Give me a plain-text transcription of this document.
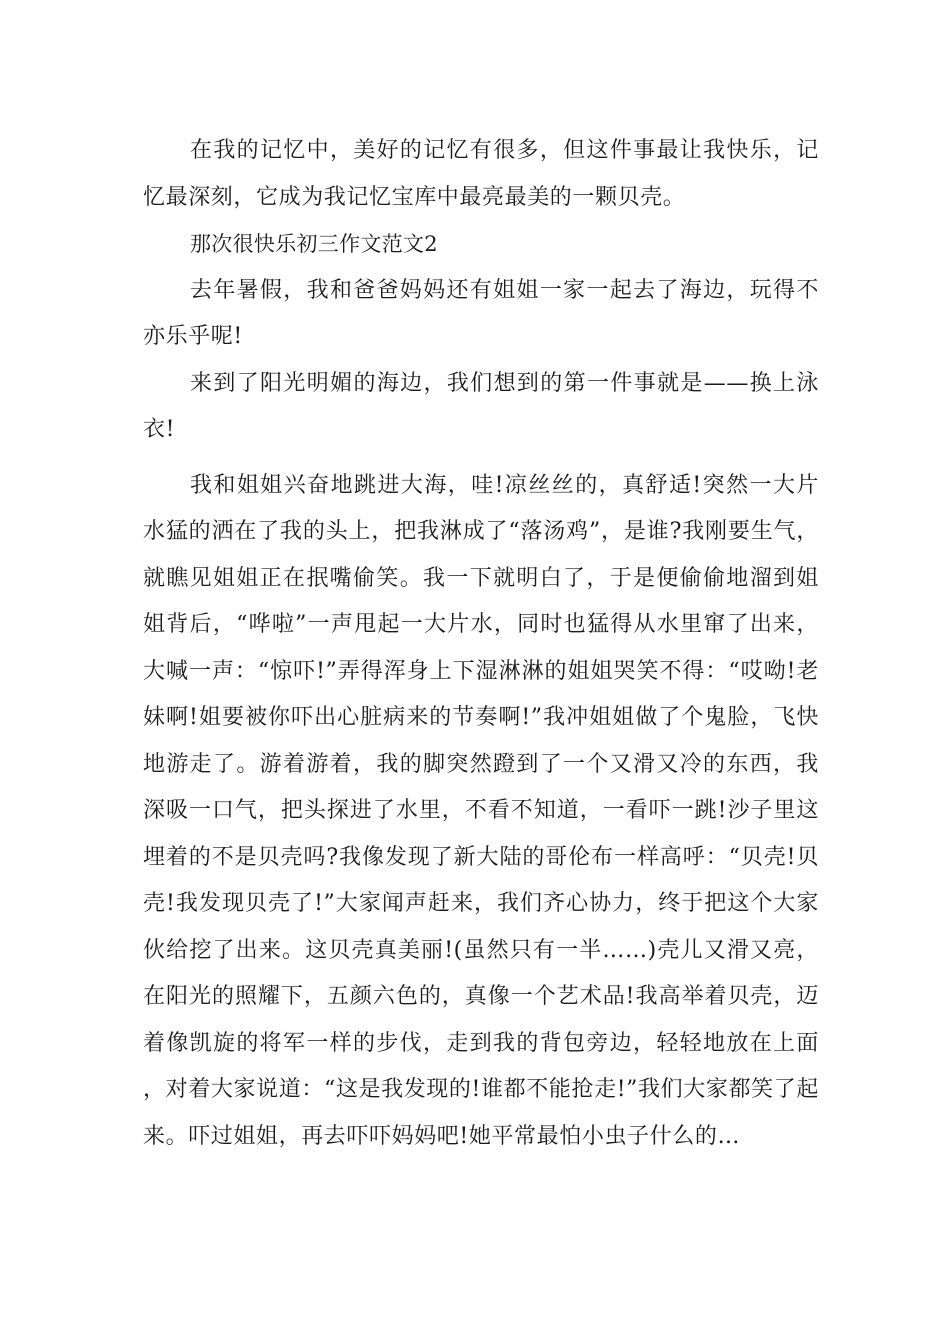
在我的记忆中，美好的记忆有很多，但这件事最让我快乐，记忆最深刻，它成为我记忆宝库中最亮最美的一颗贝壳。

那次很快乐初三作文范文2

去年暑假，我和爸爸妈妈还有姐姐一家一起去了海边，玩得不亦乐乎呢!

来到了阳光明媚的海边，我们想到的第一件事就是——换上泳衣!

我和姐姐兴奋地跳进大海，哇!凉丝丝的，真舒适!突然一大片水猛的洒在了我的头上，把我淋成了“落汤鸡”，是谁?我刚要生气，就瞧见姐姐正在抿嘴偷笑。我一下就明白了，于是便偷偷地溜到姐姐背后，“哗啦”一声甩起一大片水，同时也猛得从水里窜了出来，大喊一声：“惊吓!”弄得浑身上下湿淋淋的姐姐哭笑不得：“哎呦!老妹啊!姐要被你吓出心脏病来的节奏啊!”我冲姐姐做了个鬼脸，飞快地游走了。游着游着，我的脚突然蹬到了一个又滑又冷的东西，我深吸一口气，把头探进了水里，不看不知道，一看吓一跳!沙子里这埋着的不是贝壳吗?我像发现了新大陆的哥伦布一样高呼：“贝壳!贝壳!我发现贝壳了!”大家闻声赶来，我们齐心协力，终于把这个大家伙给挖了出来。这贝壳真美丽!(虽然只有一半……)壳儿又滑又亮，在阳光的照耀下，五颜六色的，真像一个艺术品!我高举着贝壳，迈着像凯旋的将军一样的步伐，走到我的背包旁边，轻轻地放在上面，对着大家说道：“这是我发现的!谁都不能抢走!”我们大家都笑了起来。吓过姐姐，再去吓吓妈妈吧!她平常最怕小虫子什么的…
